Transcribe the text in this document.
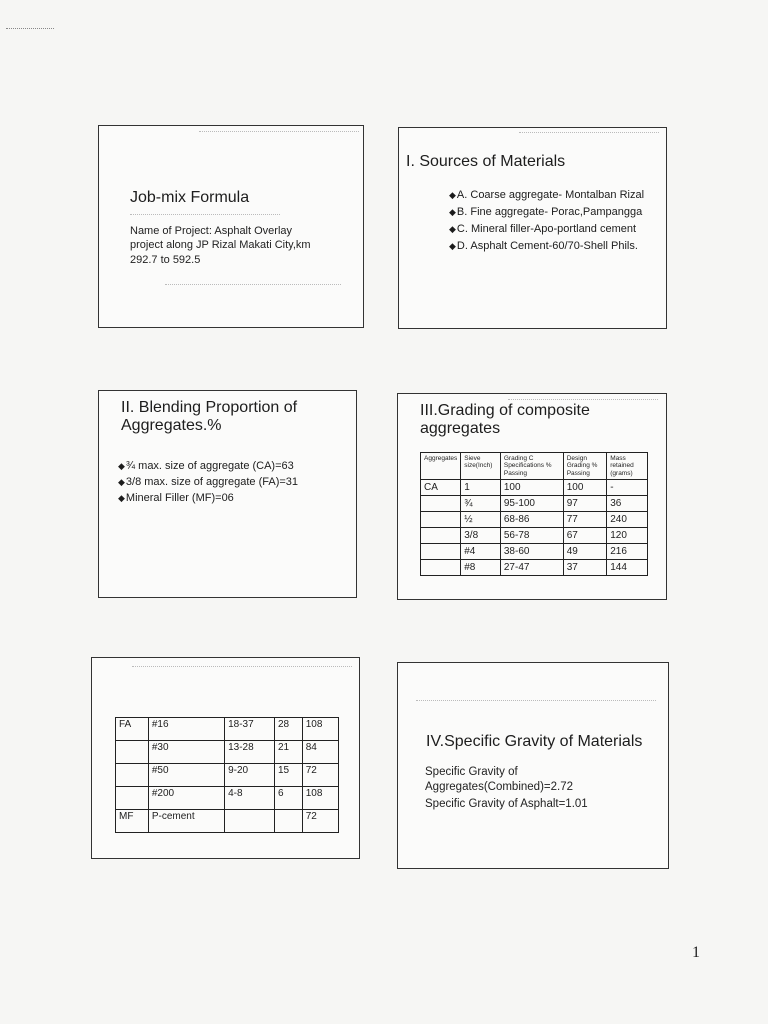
Job-mix Formula
Name of Project: Asphalt Overlay project along JP Rizal Makati City,km 292.7 to 592.5
I. Sources of Materials
◆A. Coarse aggregate- Montalban Rizal
◆B. Fine aggregate- Porac,Pampangga
◆C. Mineral filler-Apo-portland cement
◆D. Asphalt Cement-60/70-Shell Phils.
II. Blending Proportion of Aggregates.%
◆¾ max. size of aggregate (CA)=63
◆3/8 max. size of aggregate (FA)=31
◆Mineral Filler (MF)=06
III.Grading of composite aggregates
Aggregates	Sieve size(Inch)	Grading C Specifications % Passing	Design Grading % Passing	Mass retained (grams)
CA	1	100	100	-
	¾	95-100	97	36
	½	68-86	77	240
	3/8	56-78	67	120
	#4	38-60	49	216
	#8	27-47	37	144
FA	#16	18-37	28	108
	#30	13-28	21	84
	#50	9-20	15	72
	#200	4-8	6	108
MF	P-cement			72
IV.Specific Gravity of Materials
Specific Gravity of Aggregates(Combined)=2.72
Specific Gravity of Asphalt=1.01
1
